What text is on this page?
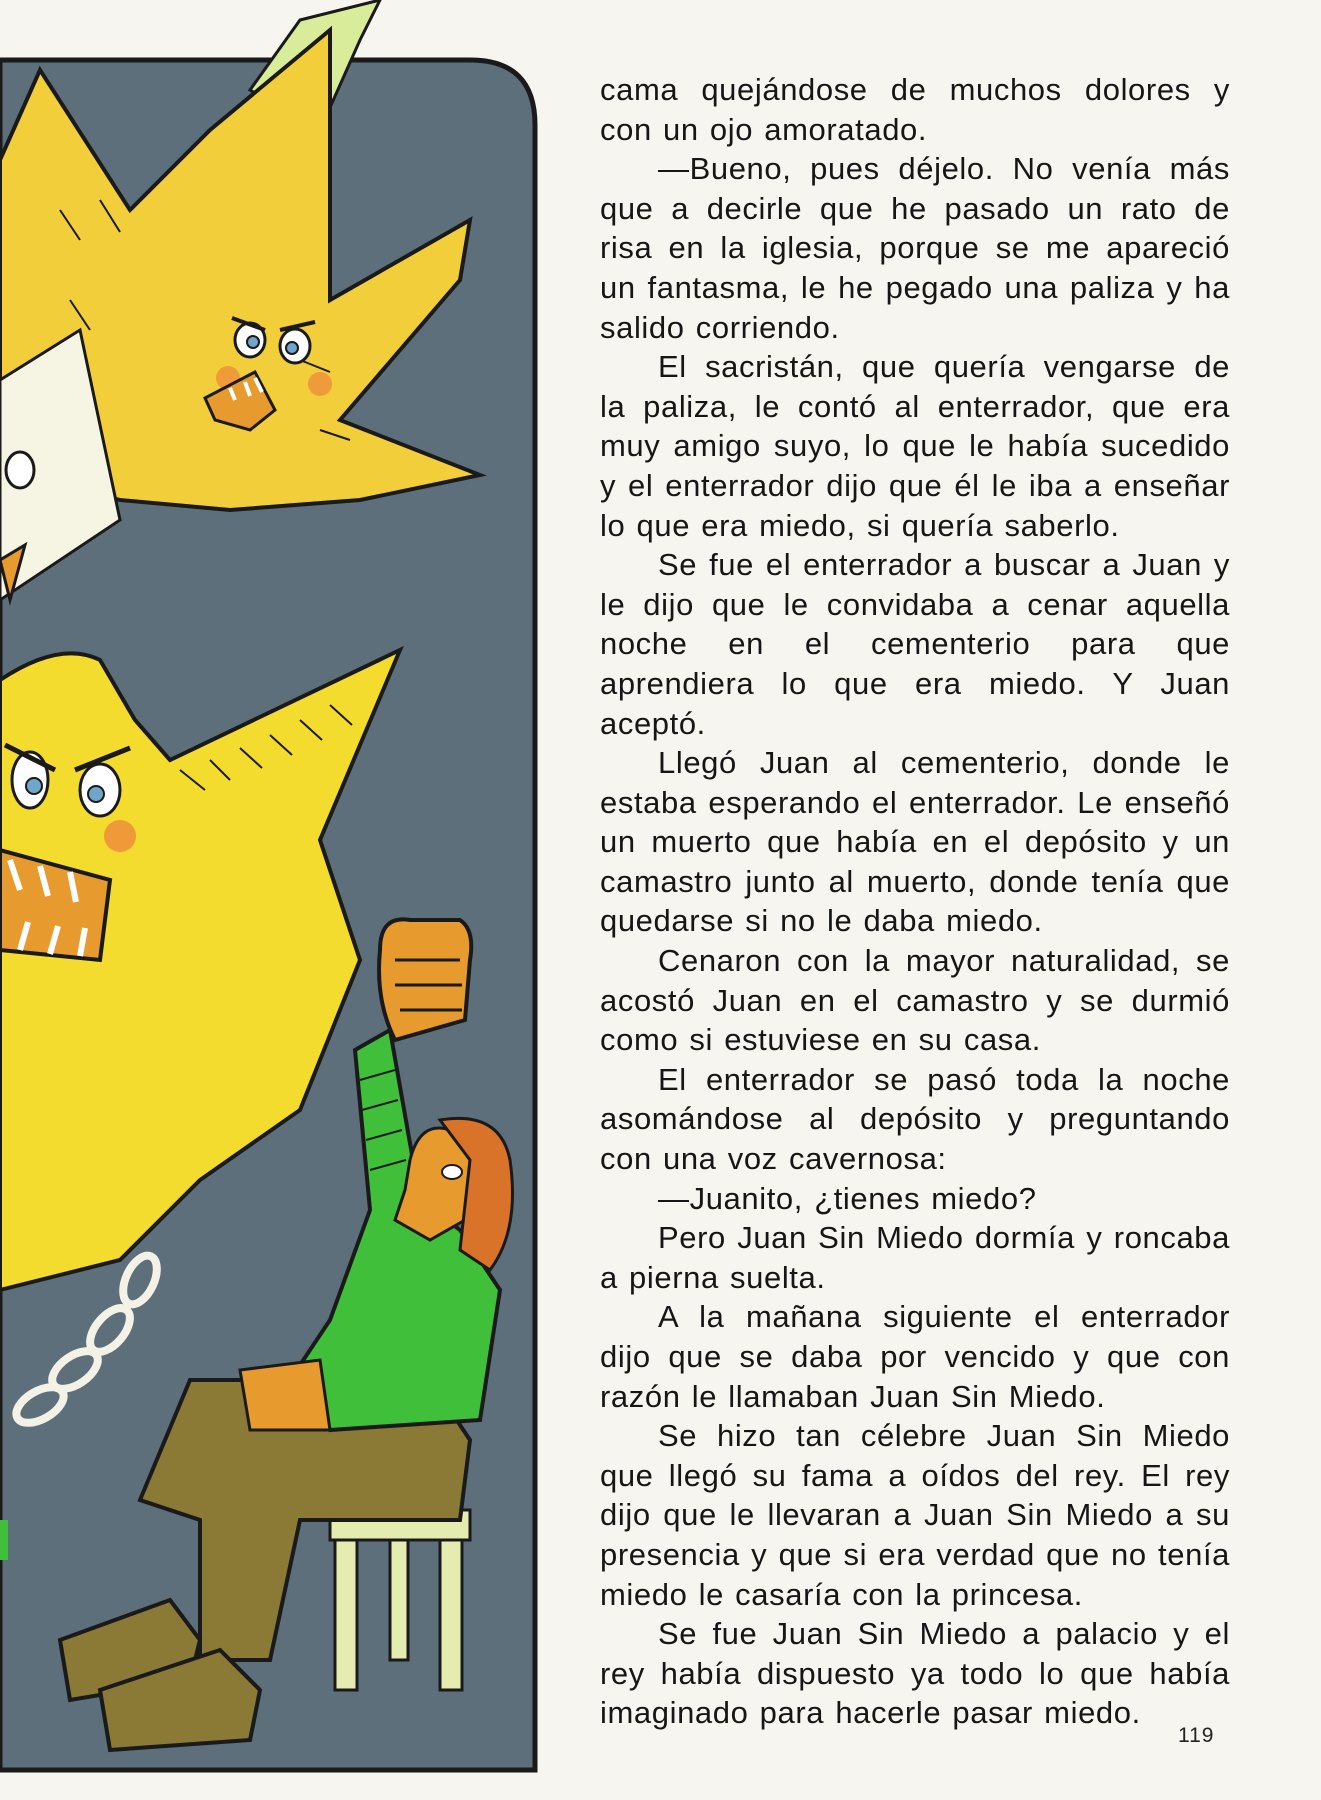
cama quejándose de muchos dolores y con un ojo amoratado.

—Bueno, pues déjelo. No venía más que a decirle que he pasado un rato de risa en la iglesia, porque se me apareció un fantasma, le he pegado una paliza y ha salido corriendo.

El sacristán, que quería vengarse de la paliza, le contó al enterrador, que era muy amigo suyo, lo que le había sucedido y el enterrador dijo que él le iba a enseñar lo que era miedo, si quería saberlo.

Se fue el enterrador a buscar a Juan y le dijo que le convidaba a cenar aquella noche en el cementerio para que aprendiera lo que era miedo. Y Juan aceptó.

Llegó Juan al cementerio, donde le estaba esperando el enterrador. Le enseñó un muerto que había en el depósito y un camastro junto al muerto, donde tenía que quedarse si no le daba miedo.

Cenaron con la mayor naturalidad, se acostó Juan en el camastro y se durmió como si estuviese en su casa.

El enterrador se pasó toda la noche asomándose al depósito y preguntando con una voz cavernosa:

—Juanito, ¿tienes miedo?

Pero Juan Sin Miedo dormía y roncaba a pierna suelta.

A la mañana siguiente el enterrador dijo que se daba por vencido y que con razón le llamaban Juan Sin Miedo.

Se hizo tan célebre Juan Sin Miedo que llegó su fama a oídos del rey. El rey dijo que le llevaran a Juan Sin Miedo a su presencia y que si era verdad que no tenía miedo le casaría con la princesa.

Se fue Juan Sin Miedo a palacio y el rey había dispuesto ya todo lo que había imaginado para hacerle pasar miedo.

119
